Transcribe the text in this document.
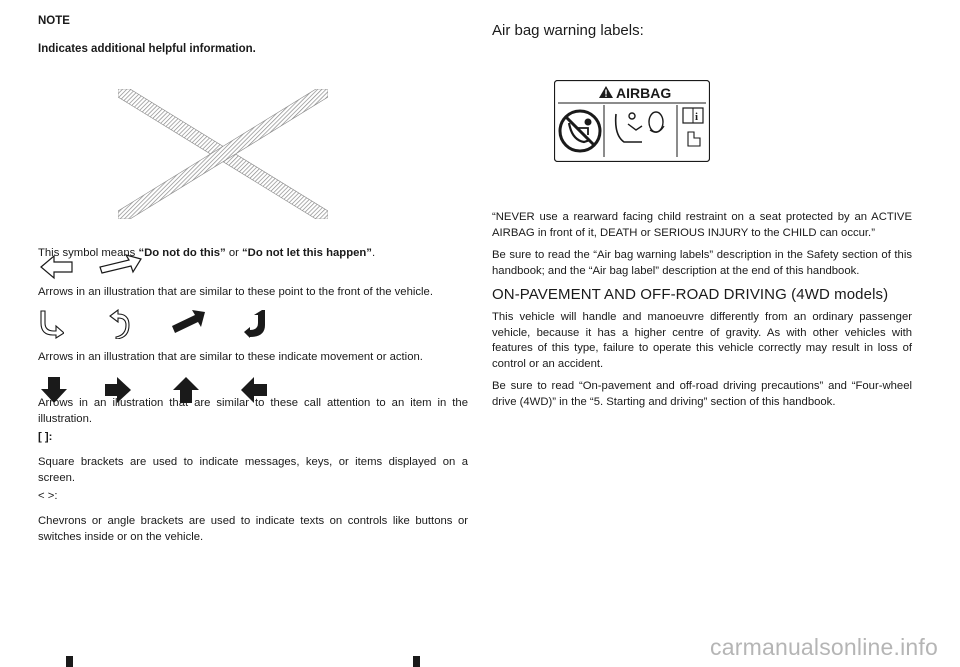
NOTE

Indicates additional helpful information.

This symbol means “Do not do this” or “Do not let this happen”.

Arrows in an illustration that are similar to these point to the front of the vehicle.

Arrows in an illustration that are similar to these indicate movement or action.

Arrows in an illustration that are similar to these call attention to an item in the illustration.

[ ]:

Square brackets are used to indicate messages, keys, or items displayed on a screen.

< >:

Chevrons or angle brackets are used to indicate texts on controls like buttons or switches inside or on the vehicle.

Air bag warning labels:
AIRBAG
i

“NEVER use a rearward facing child restraint on a seat protected by an ACTIVE AIRBAG in front of it, DEATH or SERIOUS INJURY to the CHILD can occur.”

Be sure to read the “Air bag warning labels” description in the Safety section of this handbook; and the “Air bag label” description at the end of this handbook.

ON-PAVEMENT AND OFF-ROAD DRIVING (4WD models)

This vehicle will handle and manoeuvre differently from an ordinary passenger vehicle, because it has a higher centre of gravity. As with other vehicles with features of this type, failure to operate this vehicle correctly may result in loss of control or an accident.

Be sure to read “On-pavement and off-road driving precautions” and “Four-wheel drive (4WD)” in the “5. Starting and driving” section of this handbook.

carmanualsonline.info
